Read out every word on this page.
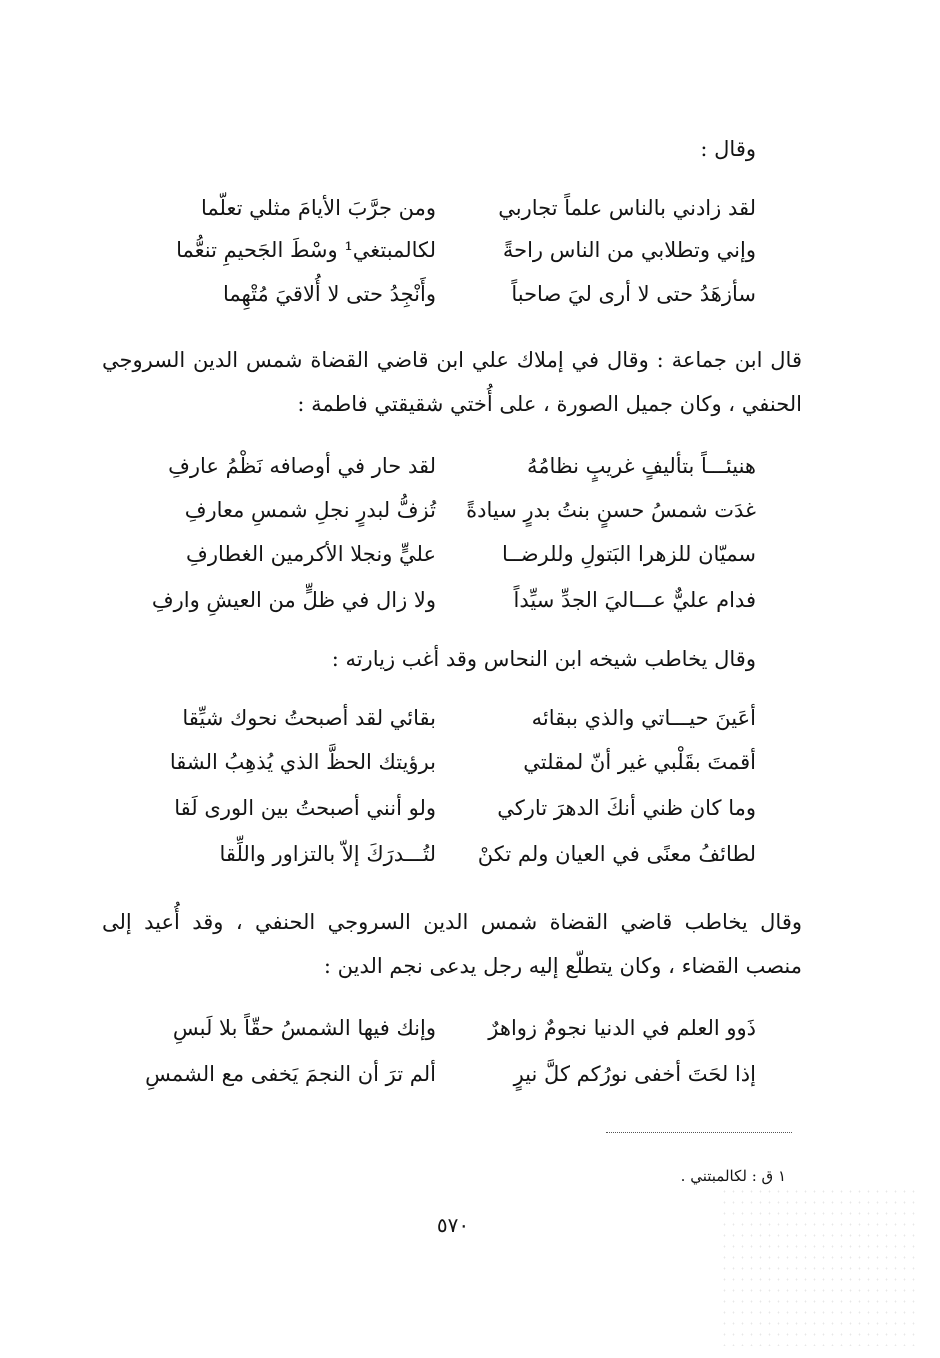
وقال :
لقد زادني بالناس علماً تجاربي
ومن جرَّبَ الأيامَ مثلي تعلّما
وإني وتطلابي من الناس راحةً
لكالمبتغي¹ وسْطَ الجَحيمِ تنعُّما
سأزهَدُ حتى لا أرى ليَ صاحباً
وأَنْجِدُ حتى لا أُلاقيَ مُتْهِما
قال ابن جماعة : وقال في إملاك علي ابن قاضي القضاة شمس الدين السروجي الحنفي ، وكان جميل الصورة ، على أُختي شقيقتي فاطمة :
هنيئـــاً بتأليفٍ غريبٍ نظامُهُ
لقد حار في أوصافه نَظْمُ عارفِ
غدَت شمسُ حسنٍ بنتُ بدرٍ سيادةً
تُزفُّ لبدرٍ نجلِ شمسِ معارفِ
سميّان للزهرا البَتولِ وللرضــا
عليٍّ ونجلا الأكرمين الغطارفِ
فدام عليٌّ عـــاليَ الجدِّ سيِّداً
ولا زال في ظلٍّ من العيشِ وارفِ
وقال يخاطب شيخه ابن النحاس وقد أغب زيارته :
أعَينَ حيـــاتي والذي ببقائه
بقائي لقد أصبحتُ نحوك شيِّقا
أقمتَ بقَلْبي غير أنّ لمقلتي
برؤيتك الحظَّ الذي يُذهِبُ الشقا
وما كان ظني أنكَ الدهرَ تاركي
ولو أنني أصبحتُ بين الورى لَقا
لطائفُ معنًى في العيان ولم تكنْ
لتُـــدرَكَ إلاّ بالتزاور واللِّقا
وقال يخاطب قاضي القضاة شمس الدين السروجي الحنفي ، وقد أُعيد إلى منصب القضاء ، وكان يتطلّع إليه رجل يدعى نجم الدين :
ذَوو العلم في الدنيا نجومٌ زواهرٌ
وإنك فيها الشمسُ حقّاً بلا لَبسِ
إذا لحَتَ أخفى نورُكم كلَّ نيرٍ
ألم ترَ أن النجمَ يَخفى مع الشمسِ
١ ق : لكالمبتني .
٥٧٠
